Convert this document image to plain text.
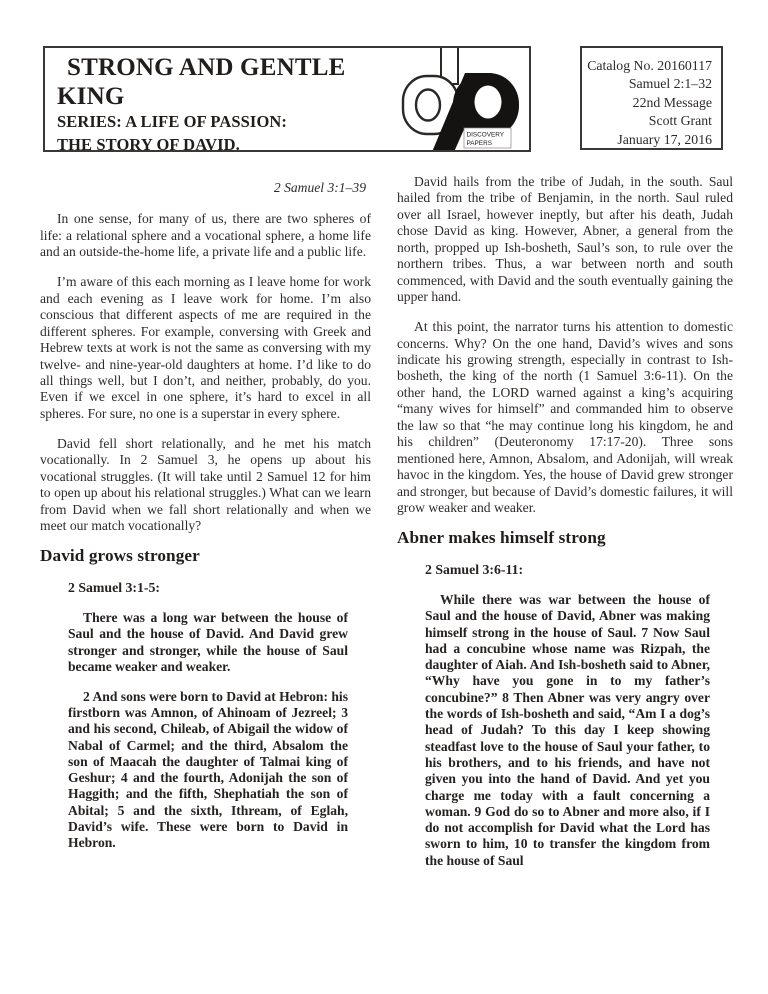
STRONG AND GENTLE
KING
SERIES: A LIFE OF PASSION:
THE STORY OF DAVID.	DISCOVERY
PAPERS
Catalog No. 20160117
Samuel 2:1–32
22nd Message
Scott Grant
January 17, 2016
2 Samuel 3:1–39

In one sense, for many of us, there are two spheres of life: a relational sphere and a vocational sphere, a home life and an outside-the-home life, a private life and a public life.

I’m aware of this each morning as I leave home for work and each evening as I leave work for home. I’m also conscious that different aspects of me are required in the different spheres. For example, conversing with Greek and Hebrew texts at work is not the same as conversing with my twelve- and nine-year-old daughters at home. I’d like to do all things well, but I don’t, and neither, probably, do you. Even if we excel in one sphere, it’s hard to excel in all spheres. For sure, no one is a superstar in every sphere.

David fell short relationally, and he met his match vocationally. In 2 Samuel 3, he opens up about his vocational struggles. (It will take until 2 Samuel 12 for him to open up about his relational struggles.) What can we learn from David when we fall short relationally and when we meet our match vocationally?

David grows stronger
2 Samuel 3:1-5:

There was a long war between the house of Saul and the house of David. And David grew stronger and stronger, while the house of Saul became weaker and weaker.

2 And sons were born to David at Hebron: his firstborn was Amnon, of Ahinoam of Jezreel; 3 and his second, Chileab, of Abigail the widow of Nabal of Carmel; and the third, Absalom the son of Maacah the daughter of Talmai king of Geshur; 4 and the fourth, Adonijah the son of Haggith; and the fifth, Shephatiah the son of Abital; 5 and the sixth, Ithream, of Eglah, David’s wife. These were born to David in Hebron.

David hails from the tribe of Judah, in the south. Saul hailed from the tribe of Benjamin, in the north. Saul ruled over all Israel, however ineptly, but after his death, Judah chose David as king. However, Abner, a general from the north, propped up Ish-bosheth, Saul’s son, to rule over the northern tribes. Thus, a war between north and south commenced, with David and the south eventually gaining the upper hand.

At this point, the narrator turns his attention to domestic concerns. Why? On the one hand, David’s wives and sons indicate his growing strength, especially in contrast to Ish-bosheth, the king of the north (1 Samuel 3:6-11). On the other hand, the LORD warned against a king’s acquiring “many wives for himself” and commanded him to observe the law so that “he may continue long his kingdom, he and his children” (Deuteronomy 17:17-20). Three sons mentioned here, Amnon, Absalom, and Adonijah, will wreak havoc in the kingdom. Yes, the house of David grew stronger and stronger, but because of David’s domestic failures, it will grow weaker and weaker.

Abner makes himself strong
2 Samuel 3:6-11:

While there was war between the house of Saul and the house of David, Abner was making himself strong in the house of Saul. 7 Now Saul had a concubine whose name was Rizpah, the daughter of Aiah. And Ish-bosheth said to Abner, “Why have you gone in to my father’s concubine?” 8 Then Abner was very angry over the words of Ish-bosheth and said, “Am I a dog’s head of Judah? To this day I keep showing steadfast love to the house of Saul your father, to his brothers, and to his friends, and have not given you into the hand of David. And yet you charge me today with a fault concerning a woman. 9 God do so to Abner and more also, if I do not accomplish for David what the Lord has sworn to him, 10 to transfer the kingdom from the house of Saul
